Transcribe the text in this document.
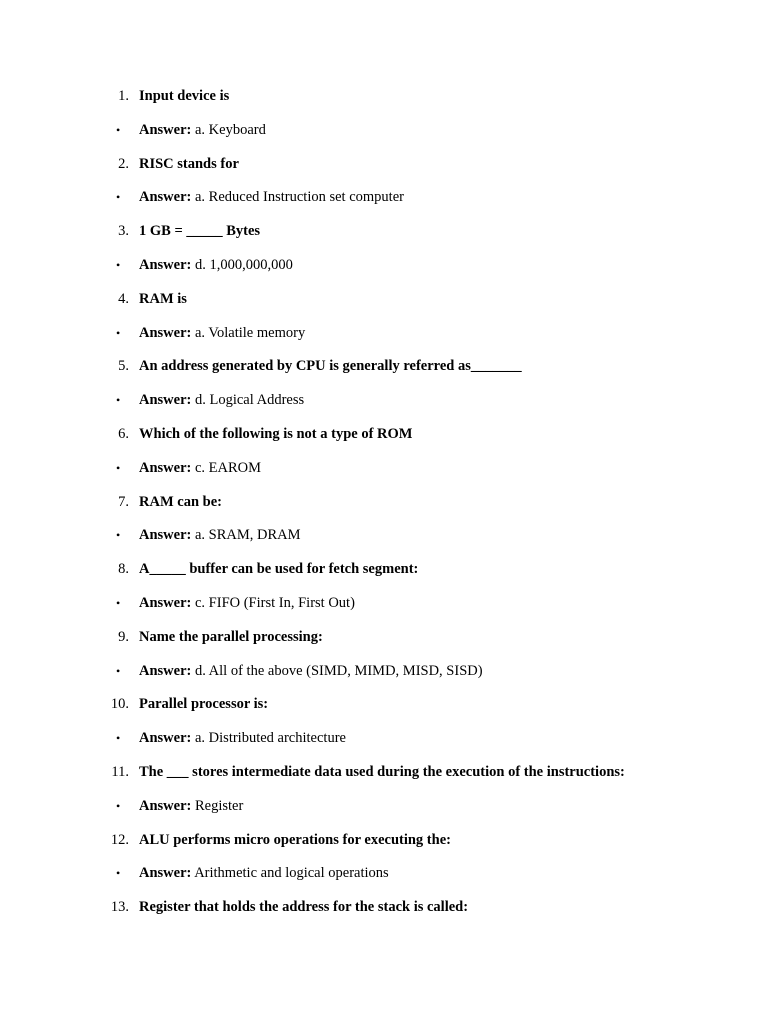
1. Input device is
•	Answer: a. Keyboard
2. RISC stands for
•	Answer: a. Reduced Instruction set computer
3. 1 GB = _____ Bytes
•	Answer: d. 1,000,000,000
4. RAM is
•	Answer: a. Volatile memory
5. An address generated by CPU is generally referred as_______
•	Answer: d. Logical Address
6. Which of the following is not a type of ROM
•	Answer: c. EAROM
7. RAM can be:
•	Answer: a. SRAM, DRAM
8. A_____ buffer can be used for fetch segment:
•	Answer: c. FIFO (First In, First Out)
9. Name the parallel processing:
•	Answer: d. All of the above (SIMD, MIMD, MISD, SISD)
10. Parallel processor is:
•	Answer: a. Distributed architecture
11. The ___ stores intermediate data used during the execution of the instructions:
•	Answer: Register
12. ALU performs micro operations for executing the:
•	Answer: Arithmetic and logical operations
13. Register that holds the address for the stack is called:
